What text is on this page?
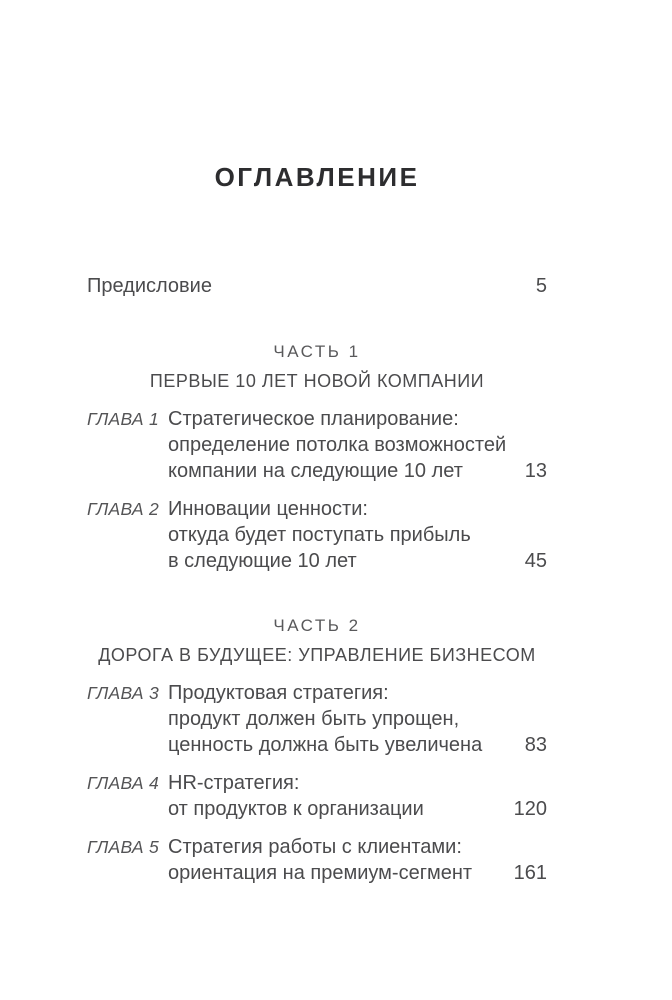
ОГЛАВЛЕНИЕ
Предисловие	5
ЧАСТЬ 1
ПЕРВЫЕ 10 ЛЕТ НОВОЙ КОМПАНИИ
ГЛАВА 1 Стратегическое планирование:
определение потолка возможностей
компании на следующие 10 лет	13
ГЛАВА 2 Инновации ценности:
откуда будет поступать прибыль
в следующие 10 лет	45
ЧАСТЬ 2
ДОРОГА В БУДУЩЕЕ: УПРАВЛЕНИЕ БИЗНЕСОМ
ГЛАВА 3 Продуктовая стратегия:
продукт должен быть упрощен,
ценность должна быть увеличена	83
ГЛАВА 4 HR-стратегия:
от продуктов к организации	120
ГЛАВА 5 Стратегия работы с клиентами:
ориентация на премиум-сегмент	161
